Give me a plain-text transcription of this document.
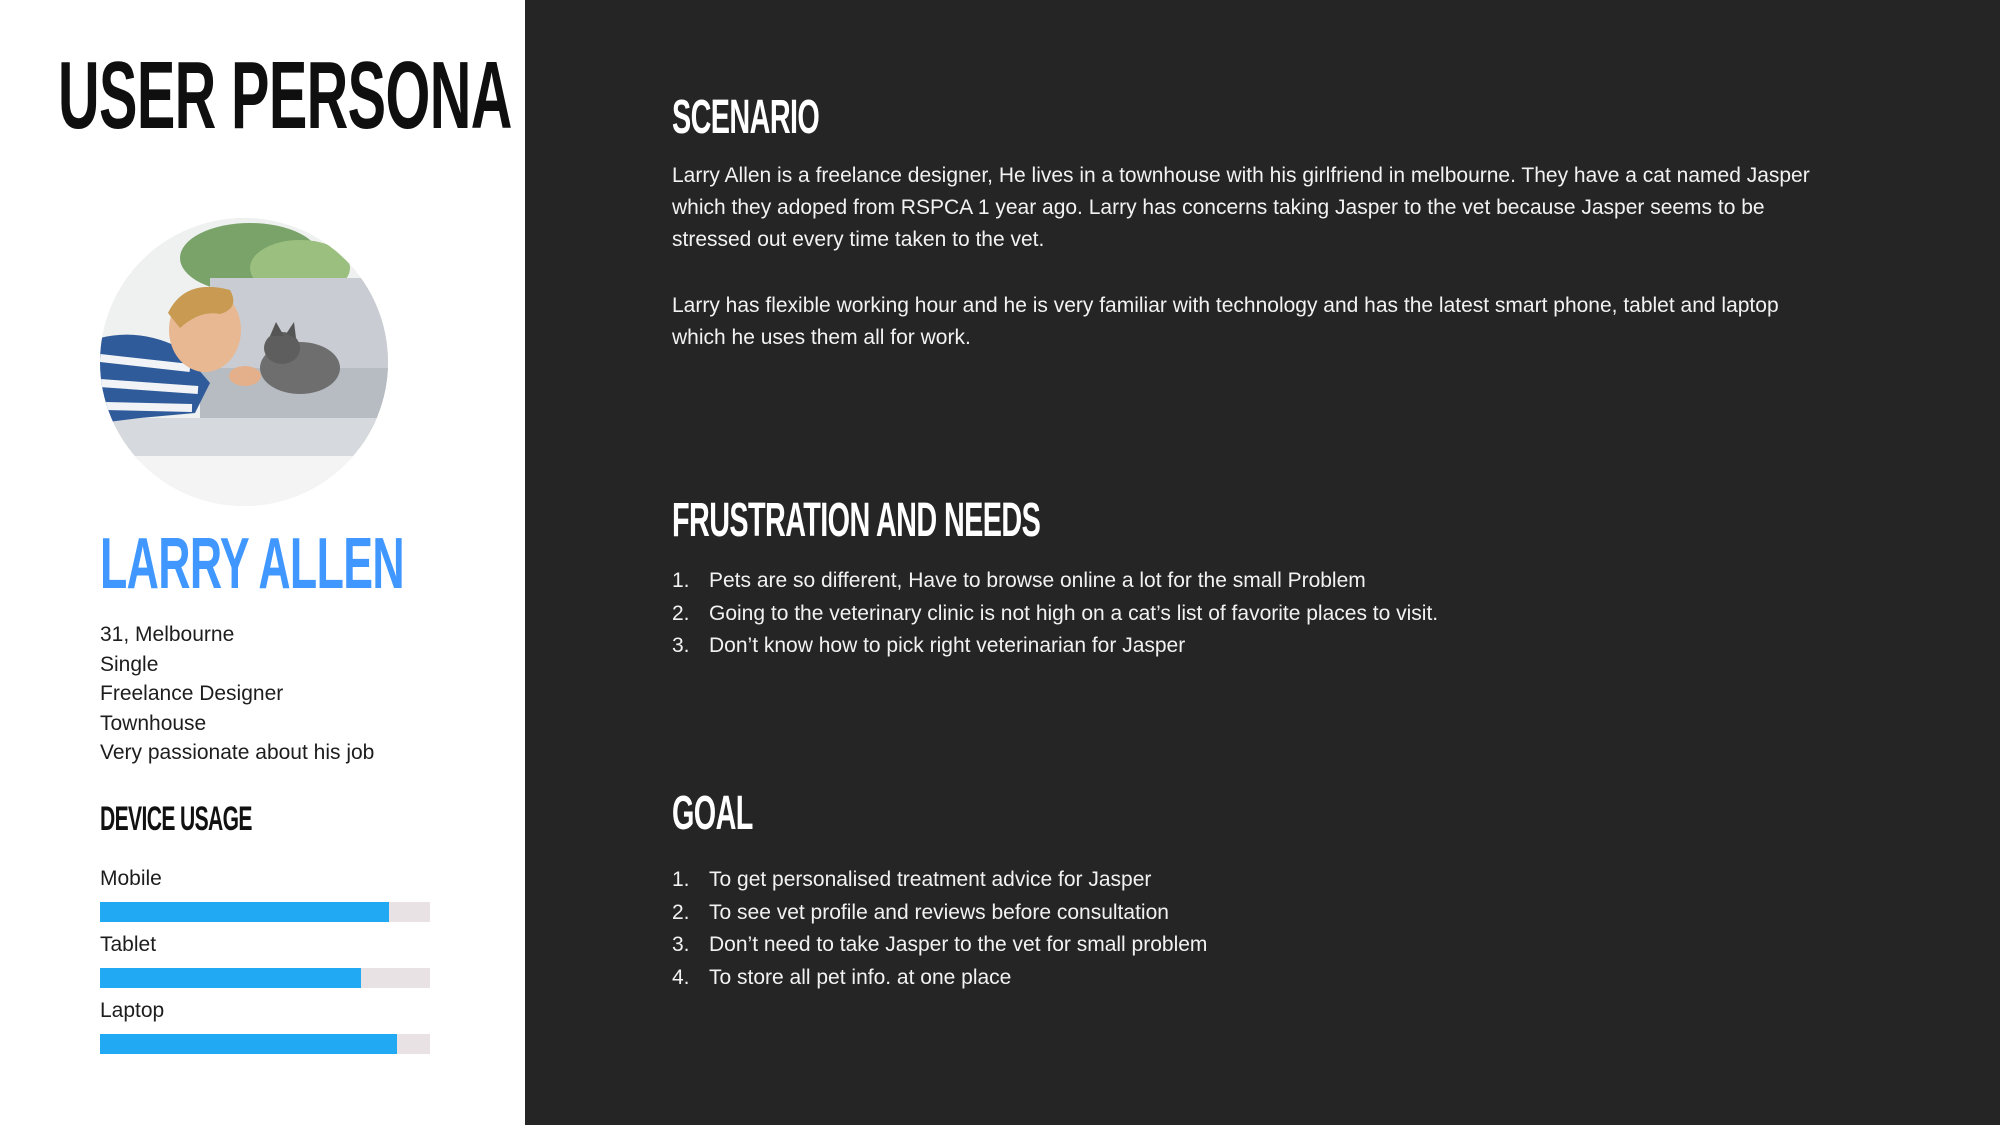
USER PERSONA
LARRY ALLEN
31, Melbourne
Single
Freelance Designer
Townhouse
Very passionate about his job
DEVICE USAGE
Mobile
Tablet
Laptop
SCENARIO
Larry Allen is a freelance designer, He lives in a townhouse with his girlfriend in melbourne. They have a cat named Jasper which they adoped from RSPCA 1 year ago. Larry has concerns taking Jasper to the vet because Jasper seems to be stressed out every time taken to the vet.
Larry has flexible working hour and he is very familiar with technology and has the latest smart phone, tablet and laptop which he uses them all for work.
FRUSTRATION AND NEEDS
1. Pets are so different, Have to browse online a lot for the small Problem
2. Going to the veterinary clinic is not high on a cat’s list of favorite places to visit.
3. Don’t know how to pick right veterinarian for Jasper
GOAL
1. To get personalised treatment advice for Jasper
2. To see vet profile and reviews before consultation
3. Don’t need to take Jasper to the vet for small problem
4. To store all pet info. at one place
